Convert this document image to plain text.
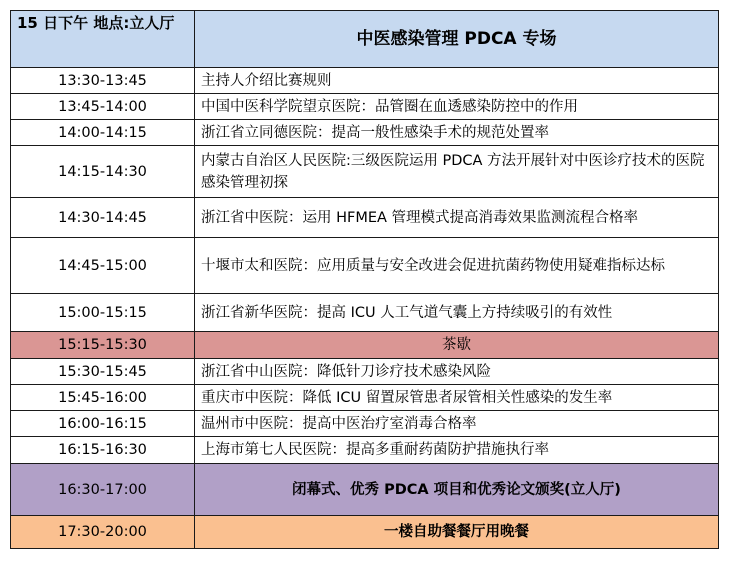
15 日下午 地点:立人厅	中医感染管理 PDCA 专场
13:30-13:45	主持人介绍比赛规则
13:45-14:00	中国中医科学院望京医院：品管圈在血透感染防控中的作用
14:00-14:15	浙江省立同德医院：提高一般性感染手术的规范处置率
14:15-14:30	内蒙古自治区人民医院:三级医院运用 PDCA 方法开展针对中医诊疗技术的医院感染管理初探
14:30-14:45	浙江省中医院：运用 HFMEA 管理模式提高消毒效果监测流程合格率
14:45-15:00	十堰市太和医院：应用质量与安全改进会促进抗菌药物使用疑难指标达标
15:00-15:15	浙江省新华医院：提高 ICU 人工气道气囊上方持续吸引的有效性
15:15-15:30	茶歇
15:30-15:45	浙江省中山医院：降低针刀诊疗技术感染风险
15:45-16:00	重庆市中医院：降低 ICU 留置尿管患者尿管相关性感染的发生率
16:00-16:15	温州市中医院：提高中医治疗室消毒合格率
16:15-16:30	上海市第七人民医院：提高多重耐药菌防护措施执行率
16:30-17:00	闭幕式、优秀 PDCA 项目和优秀论文颁奖(立人厅)
17:30-20:00	一楼自助餐餐厅用晚餐
